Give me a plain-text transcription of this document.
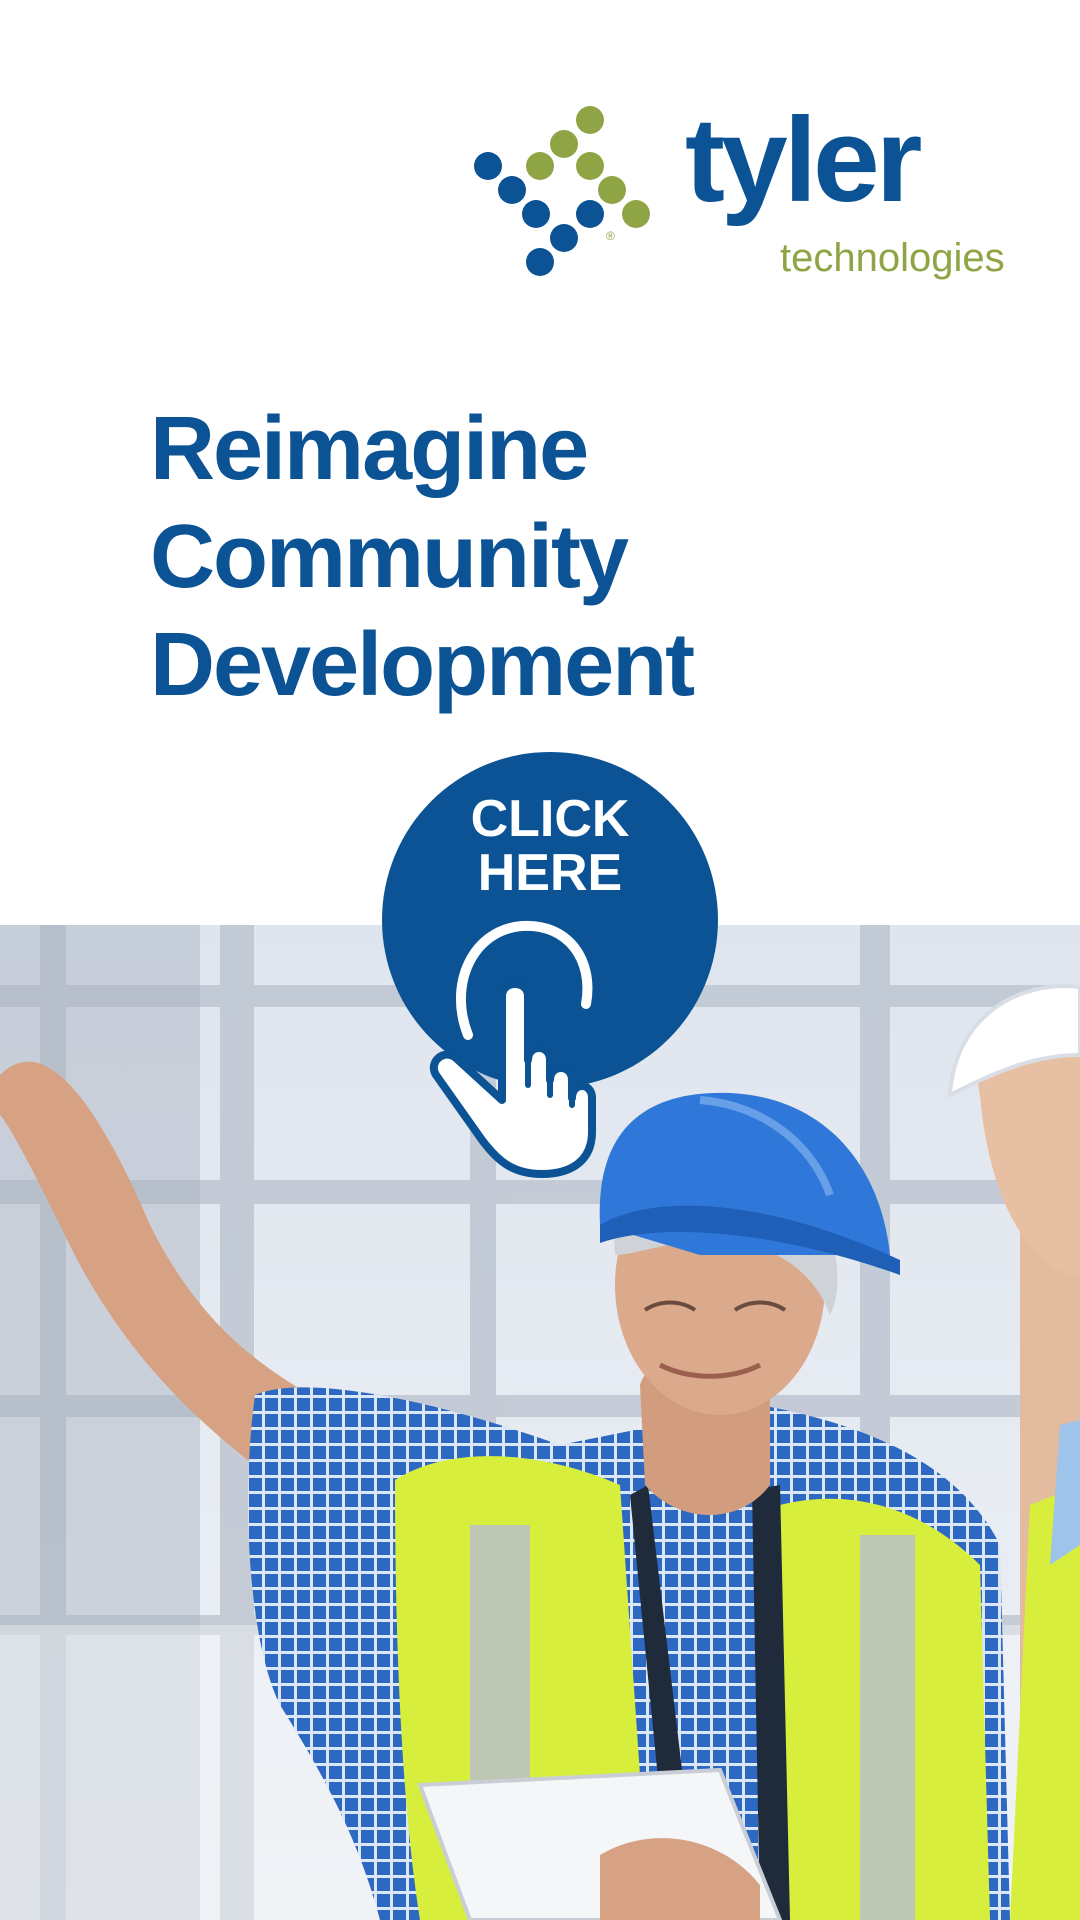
®

tyler

technologies

Reimagine
Community
Development
CLICK
HERE
